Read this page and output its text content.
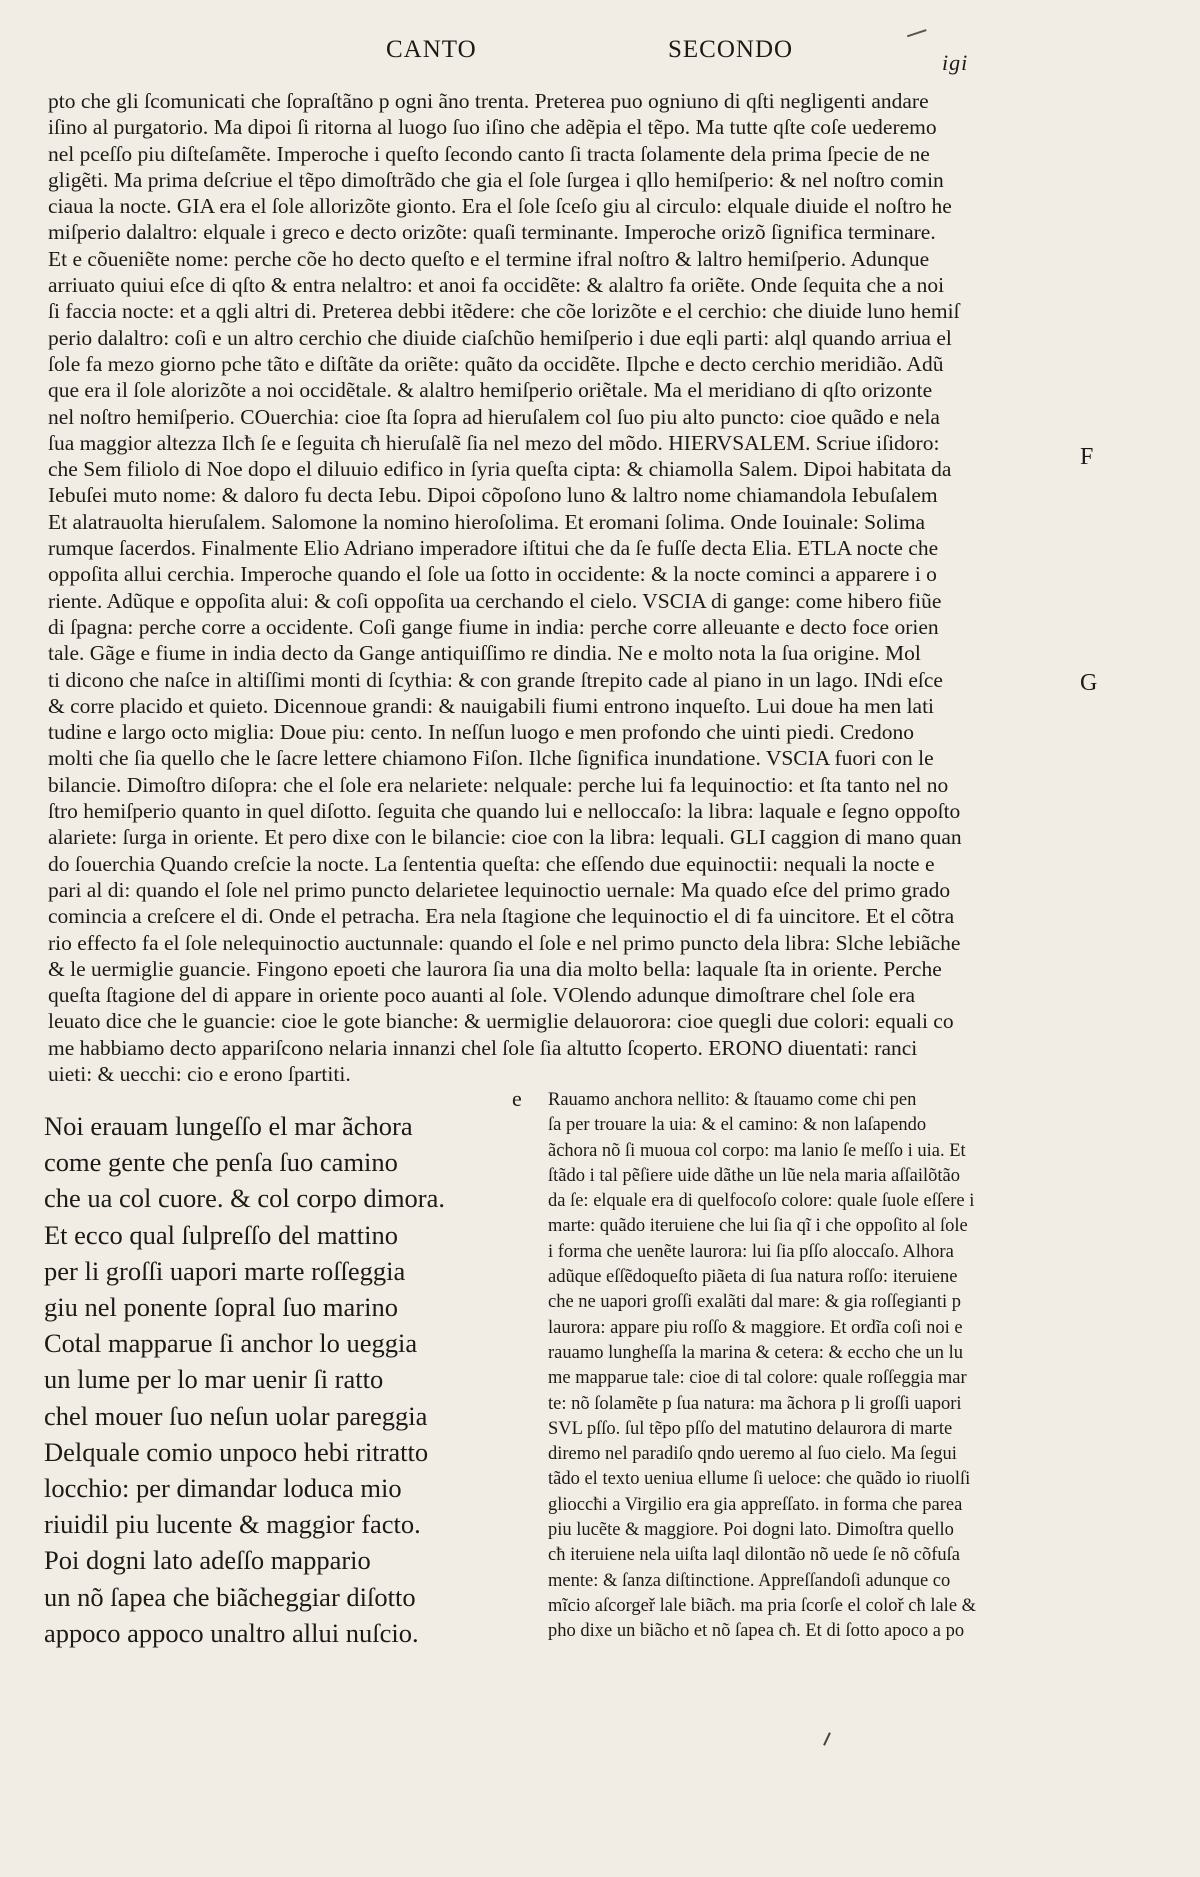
CANTO	SECONDO	igi
pto che gli ſcomunicati che ſopraſtãno p ogni ãno trenta. Preterea puo ogniuno di qſti negligenti andare
iſino al purgatorio. Ma dipoi ſi ritorna al luogo ſuo iſino che adẽpia el tẽpo. Ma tutte qſte coſe uederemo
nel pceſſo piu diſteſamẽte. Imperoche i queſto ſecondo canto ſi tracta ſolamente dela prima ſpecie de ne
gligẽti. Ma prima deſcriue el tẽpo dimoſtrãdo che gia el ſole ſurgea i qllo hemiſperio: & nel noſtro comin
ciaua la nocte. GIA era el ſole allorizõte gionto. Era el ſole ſceſo giu al circulo: elquale diuide el noſtro he
miſperio dalaltro: elquale i greco e decto orizõte: quaſi terminante. Imperoche orizõ ſignifica terminare.
Et e cõueniẽte nome: perche cõe ho decto queſto e el termine ifral noſtro & laltro hemiſperio. Adunque
arriuato quiui eſce di qſto & entra nelaltro: et anoi fa occidẽte: & alaltro fa oriẽte. Onde ſequita che a noi
ſi faccia nocte: et a qgli altri di. Preterea debbi itẽdere: che cõe lorizõte e el cerchio: che diuide luno hemiſ
perio dalaltro: coſi e un altro cerchio che diuide ciaſchũo hemiſperio i due eqli parti: alql quando arriua el
ſole fa mezo giorno pche tãto e diſtãte da oriẽte: quãto da occidẽte. Ilpche e decto cerchio meridião. Adũ
que era il ſole alorizõte a noi occidẽtale. & alaltro hemiſperio oriẽtale. Ma el meridiano di qſto orizonte
nel noſtro hemiſperio. COuerchia: cioe ſta ſopra ad hieruſalem col ſuo piu alto puncto: cioe quãdo e nela
ſua maggior altezza Ilcħ ſe e ſeguita cħ hieruſalẽ ſia nel mezo del mõdo. HIERVSALEM. Scriue iſidoro:
che Sem filiolo di Noe dopo el diluuio edifico in ſyria queſta cipta: & chiamolla Salem. Dipoi habitata da
Iebuſei muto nome: & daloro fu decta Iebu. Dipoi cõpoſono luno & laltro nome chiamandola Iebuſalem
Et alatrauolta hieruſalem. Salomone la nomino hieroſolima. Et eromani ſolima. Onde Iouinale: Solima
rumque ſacerdos. Finalmente Elio Adriano imperadore iſtitui che da ſe fuſſe decta Elia. ETLA nocte che
oppoſita allui cerchia. Imperoche quando el ſole ua ſotto in occidente: & la nocte cominci a apparere i o
riente. Adũque e oppoſita alui: & coſi oppoſita ua cerchando el cielo. VSCIA di gange: come hibero fiũe
di ſpagna: perche corre a occidente. Coſi gange fiume in india: perche corre alleuante e decto foce orien
tale. Gãge e fiume in india decto da Gange antiquiſſimo re dindia. Ne e molto nota la ſua origine. Mol
ti dicono che naſce in altiſſimi monti di ſcythia: & con grande ſtrepito cade al piano in un lago. INdi eſce
& corre placido et quieto. Dicennoue grandi: & nauigabili fiumi entrono inqueſto. Lui doue ha men lati
tudine e largo octo miglia: Doue piu: cento. In neſſun luogo e men profondo che uinti piedi. Credono
molti che ſia quello che le ſacre lettere chiamono Fiſon. Ilche ſignifica inundatione. VSCIA fuori con le
bilancie. Dimoſtro diſopra: che el ſole era nelariete: nelquale: perche lui fa lequinoctio: et ſta tanto nel no
ſtro hemiſperio quanto in quel diſotto. ſeguita che quando lui e nelloccaſo: la libra: laquale e ſegno oppoſto
alariete: ſurga in oriente. Et pero dixe con le bilancie: cioe con la libra: lequali. GLI caggion di mano quan
do ſouerchia Quando creſcie la nocte. La ſententia queſta: che eſſendo due equinoctii: nequali la nocte e
pari al di: quando el ſole nel primo puncto delarietee lequinoctio uernale: Ma quado eſce del primo grado
comincia a creſcere el di. Onde el petracha. Era nela ſtagione che lequinoctio el di fa uincitore. Et el cõtra
rio effecto fa el ſole nelequinoctio auctunnale: quando el ſole e nel primo puncto dela libra: Slche lebiãche
& le uermiglie guancie. Fingono epoeti che laurora ſia una dia molto bella: laquale ſta in oriente. Perche
queſta ſtagione del di appare in oriente poco auanti al ſole. VOlendo adunque dimoſtrare chel ſole era
leuato dice che le guancie: cioe le gote bianche: & uermiglie delauorora: cioe quegli due colori: equali co
me habbiamo decto appariſcono nelaria innanzi chel ſole ſia altutto ſcoperto. ERONO diuentati: ranci
uieti: & uecchi: cio e erono ſpartiti.
F
G
e
Noi erauam lungeſſo el mar ãchora
come gente che penſa ſuo camino
che ua col cuore. & col corpo dimora.
Et ecco qual ſulpreſſo del mattino
per li groſſi uapori marte roſſeggia
giu nel ponente ſopral ſuo marino
Cotal mapparue ſi anchor lo ueggia
un lume per lo mar uenir ſi ratto
chel mouer ſuo neſun uolar pareggia
Delquale comio unpoco hebi ritratto
locchio: per dimandar loduca mio
riuidil piu lucente & maggior facto.
Poi dogni lato adeſſo mappario
un nõ ſapea che biãcheggiar diſotto
appoco appoco unaltro allui nuſcio.
Rauamo anchora nellito: & ſtauamo come chi pen
ſa per trouare la uia: & el camino: & non laſapendo
ãchora nõ ſi muoua col corpo: ma lanio ſe meſſo i uia. Et
ſtãdo i tal pẽſiere uide dãthe un lũe nela maria aſſailõtão
da ſe: elquale era di quelfocoſo colore: quale ſuole eſſere i
marte: quãdo iteruiene che lui ſia qĩ i che oppoſito al ſole
i forma che uenẽte laurora: lui ſia pſſo aloccaſo. Alhora
adũque eſſẽdoqueſto piãeta di ſua natura roſſo: iteruiene
che ne uapori groſſi exalãti dal mare: & gia roſſegianti p
laurora: appare piu roſſo & maggiore. Et ordĩa coſi noi e
rauamo lungheſſa la marina & cetera: & eccho che un lu
me mapparue tale: cioe di tal colore: quale roſſeggia mar
te: nõ ſolamẽte p ſua natura: ma ãchora p li groſſi uapori
SVL pſſo. ſul tẽpo pſſo del matutino delaurora di marte
diremo nel paradiſo qndo ueremo al ſuo cielo. Ma ſegui
tãdo el texto ueniua ellume ſi ueloce: che quãdo io riuolſi
glioccħi a Virgilio era gia appreſſato. in forma che parea
piu lucẽte & maggiore. Poi dogni lato. Dimoſtra quello
cħ iteruiene nela uiſta laql dilontão nõ uede ſe nõ cõfuſa
mente: & ſanza diſtinctione. Appreſſandoſi adunque co
mĩcio aſcorgeř lale biãcħ. ma pria ſcorſe el coloř cħ lale &
pho dixe un biãcho et nõ ſapea cħ. Et di ſotto apoco a po
